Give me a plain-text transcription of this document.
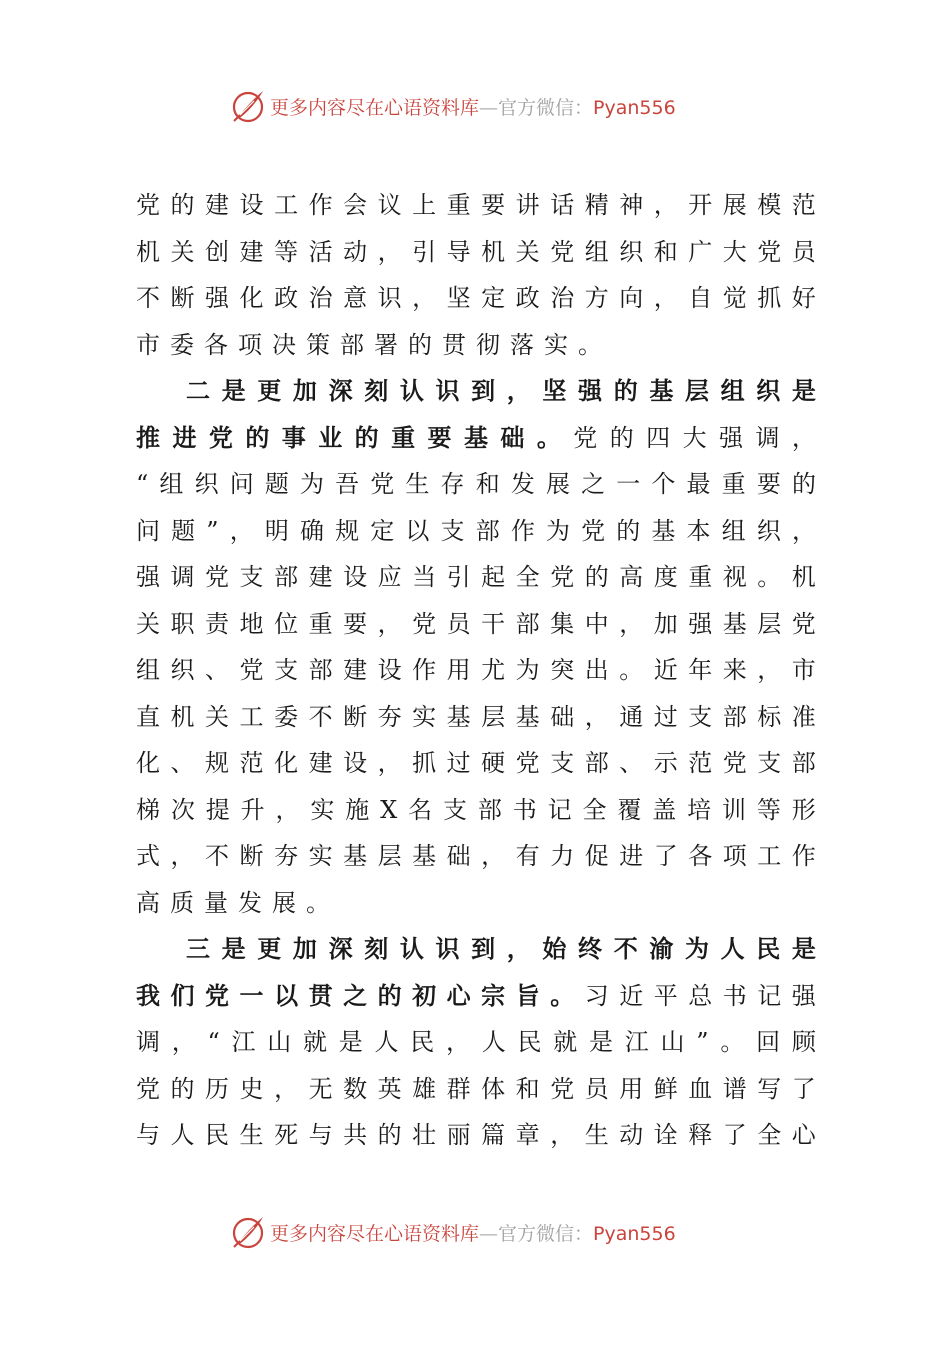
更多内容尽在心语资料库—官方微信：Pyan556
党 的 建 设 工 作 会 议 上 重 要 讲 话 精 神 ， 开 展 模 范
机 关 创 建 等 活 动 ， 引 导 机 关 党 组 织 和 广 大 党 员
不 断 强 化 政 治 意 识 ， 坚 定 政 治 方 向 ， 自 觉 抓 好
市 委 各 项 决 策 部 署 的 贯 彻 落 实 。
二 是 更 加 深 刻 认 识 到 ， 坚 强 的 基 层 组 织 是
推 进 党 的 事 业 的 重 要 基 础 。 党 的 四 大 强 调 ，
“ 组 织 问 题 为 吾 党 生 存 和 发 展 之 一 个 最 重 要 的
问 题 ” ， 明 确 规 定 以 支 部 作 为 党 的 基 本 组 织 ，
强 调 党 支 部 建 设 应 当 引 起 全 党 的 高 度 重 视 。 机
关 职 责 地 位 重 要 ， 党 员 干 部 集 中 ， 加 强 基 层 党
组 织 、 党 支 部 建 设 作 用 尤 为 突 出 。 近 年 来 ， 市
直 机 关 工 委 不 断 夯 实 基 层 基 础 ， 通 过 支 部 标 准
化 、 规 范 化 建 设 ， 抓 过 硬 党 支 部 、 示 范 党 支 部
梯 次 提 升 ， 实 施 X 名 支 部 书 记 全 覆 盖 培 训 等 形
式 ， 不 断 夯 实 基 层 基 础 ， 有 力 促 进 了 各 项 工 作
高 质 量 发 展 。
三 是 更 加 深 刻 认 识 到 ， 始 终 不 渝 为 人 民 是
我 们 党 一 以 贯 之 的 初 心 宗 旨 。 习 近 平 总 书 记 强
调 ， “ 江 山 就 是 人 民 ， 人 民 就 是 江 山 ” 。 回 顾
党 的 历 史 ， 无 数 英 雄 群 体 和 党 员 用 鲜 血 谱 写 了
与 人 民 生 死 与 共 的 壮 丽 篇 章 ， 生 动 诠 释 了 全 心
更多内容尽在心语资料库—官方微信：Pyan556
